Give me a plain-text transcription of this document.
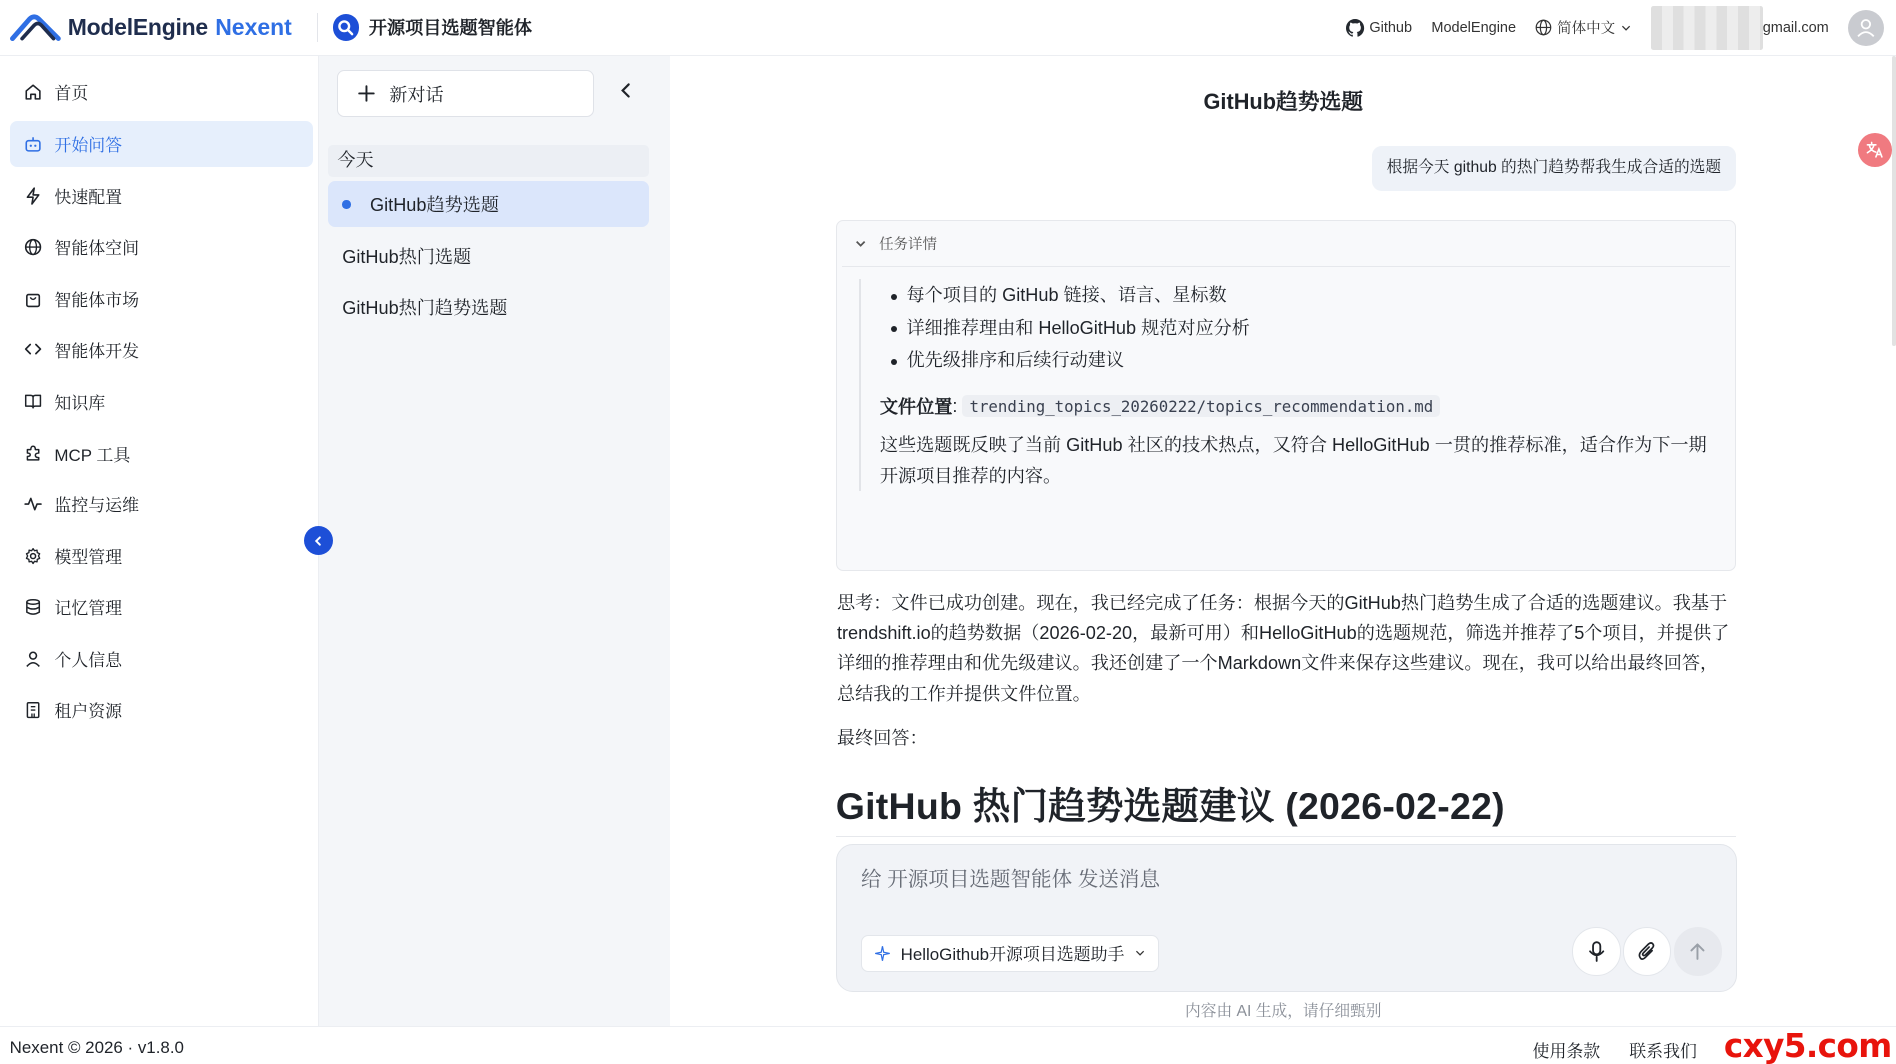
ModelEngine Nexent	开源项目选题智能体	Github ModelEngine	简体中文	gmail.com
首页
开始问答
快速配置
智能体空间
智能体市场
智能体开发
知识库
MCP 工具
监控与运维
模型管理
记忆管理
个人信息
租户资源
新对话
今天
GitHub趋势选题
GitHub热门选题
GitHub热门趋势选题
GitHub趋势选题
根据今天 github 的热门趋势帮我生成合适的选题
任务详情
每个项目的 GitHub 链接、语言、星标数
详细推荐理由和 HelloGitHub 规范对应分析
优先级排序和后续行动建议
文件位置 : trending_topics_20260222/topics_recommendation.md
这些选题既反映了当前 GitHub 社区的技术热点，又符合 HelloGitHub 一贯的推荐标准，适合作为下一期开源项目推荐的内容。
思考：文件已成功创建。现在，我已经完成了任务：根据今天的GitHub热门趋势生成了合适的选题建议。我基于trendshift.io的趋势数据（2026-02-20，最新可用）和HelloGitHub的选题规范，筛选并推荐了5个项目，并提供了详细的推荐理由和优先级建议。我还创建了一个Markdown文件来保存这些建议。现在，我可以给出最终回答，总结我的工作并提供文件位置。
最终回答：
GitHub 热门趋势选题建议 (2026-02-22)
给 开源项目选题智能体 发送消息
HelloGithub开源项目选题助手
内容由 AI 生成，请仔细甄别
Nexent © 2026 · v1.8.0	使用条款 联系我们 cxy5.com
